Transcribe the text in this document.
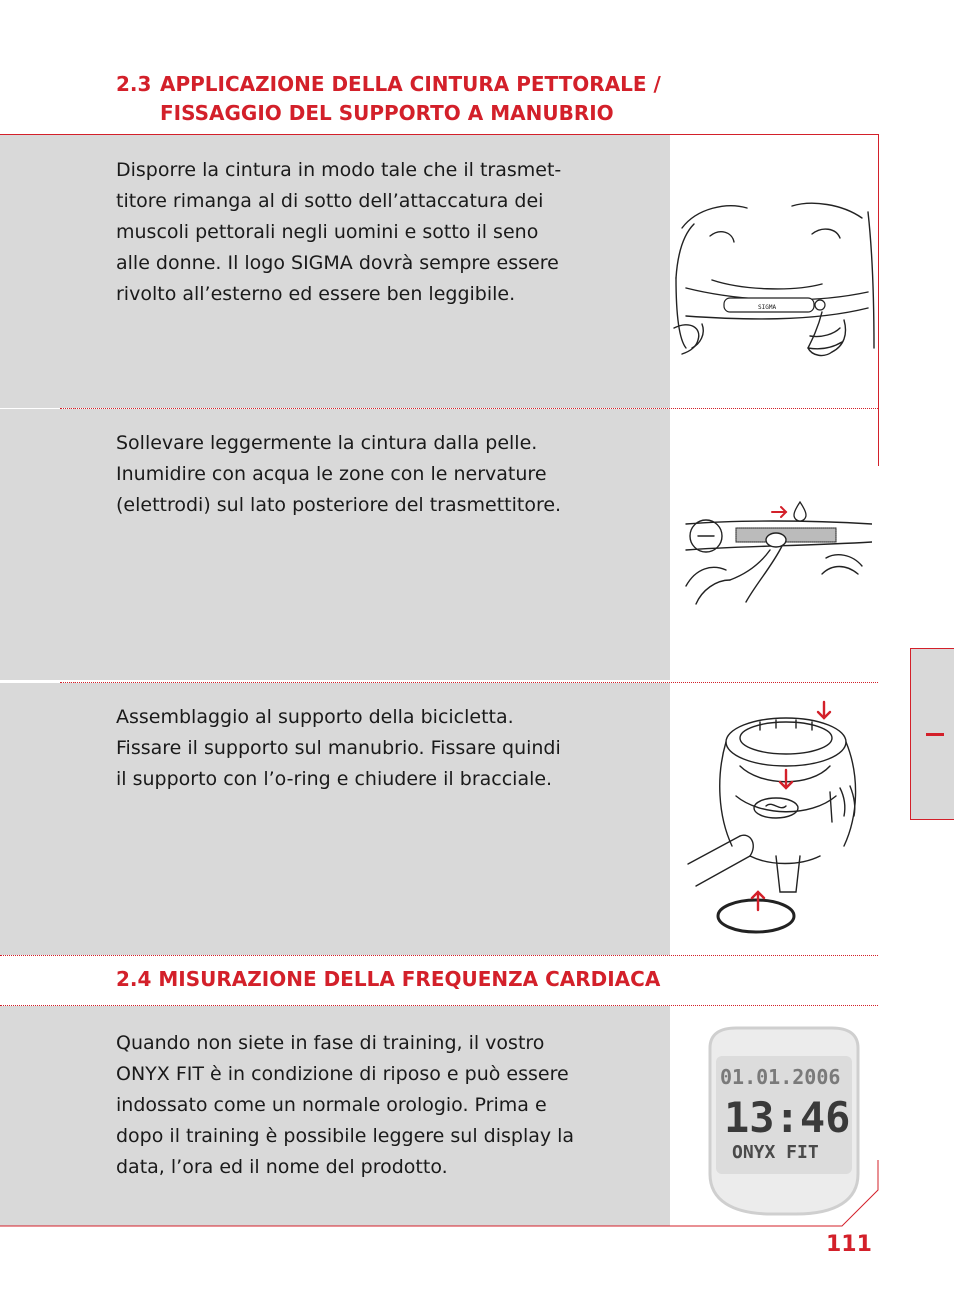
2.3 APPLICAZIONE DELLA CINTURA PETTORALE /
FISSAGGIO DEL SUPPORTO A MANUBRIO
Disporre la cintura in modo tale che il trasmet-
titore rimanga al di sotto dell’attaccatura dei
muscoli pettorali negli uomini e sotto il seno
alle donne. Il logo SIGMA dovrà sempre essere
rivolto all’esterno ed essere ben leggibile.
SIGMA
Sollevare leggermente la cintura dalla pelle.
Inumidire con acqua le zone con le nervature
(elettrodi) sul lato posteriore del trasmettitore.
Assemblaggio al supporto della bicicletta.
Fissare il supporto sul manubrio. Fissare quindi
il supporto con l’o-ring e chiudere il bracciale.
2.4 MISURAZIONE DELLA FREQUENZA CARDIACA
Quando non siete in fase di training, il vostro
ONYX FIT è in condizione di riposo e può essere
indossato come un normale orologio. Prima e
dopo il training è possibile leggere sul display la
data, l’ora ed il nome del prodotto.
01.01.2006
13:46
ONYX FIT
111
